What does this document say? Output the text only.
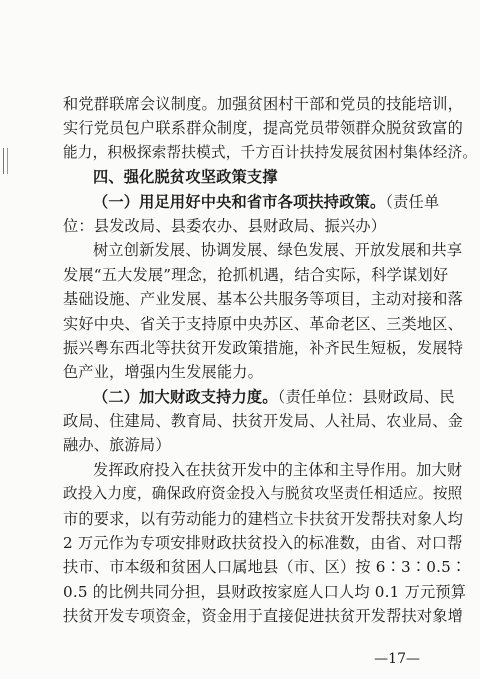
和党群联席会议制度。加强贫困村干部和党员的技能培训，
实行党员包户联系群众制度，提高党员带领群众脱贫致富的
能力，积极探索帮扶模式，千方百计扶持发展贫困村集体经济。
四、强化脱贫攻坚政策支撑
（一）用足用好中央和省市各项扶持政策。（责任单
位：县发改局、县委农办、县财政局、振兴办）
树立创新发展、协调发展、绿色发展、开放发展和共享
发展“五大发展”理念，抢抓机遇，结合实际，科学谋划好
基础设施、产业发展、基本公共服务等项目，主动对接和落
实好中央、省关于支持原中央苏区、革命老区、三类地区、
振兴粤东西北等扶贫开发政策措施，补齐民生短板，发展特
色产业，增强内生发展能力。
（二）加大财政支持力度。（责任单位：县财政局、民
政局、住建局、教育局、扶贫开发局、人社局、农业局、金
融办、旅游局）
发挥政府投入在扶贫开发中的主体和主导作用。加大财
政投入力度，确保政府资金投入与脱贫攻坚责任相适应。按照
市的要求，以有劳动能力的建档立卡扶贫开发帮扶对象人均
2 万元作为专项安排财政扶贫投入的标准数，由省、对口帮
扶市、市本级和贫困人口属地县（市、区）按 6∶3∶0.5∶
0.5 的比例共同分担，县财政按家庭人口人均 0.1 万元预算
扶贫开发专项资金，资金用于直接促进扶贫开发帮扶对象增
—17—
